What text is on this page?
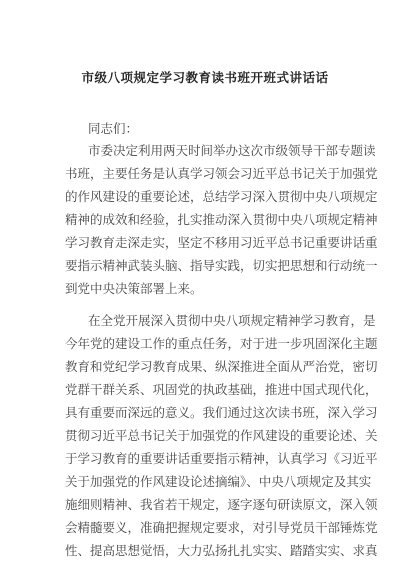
市级八项规定学习教育读书班开班式讲话话
同志们：
市委决定利用两天时间举办这次市级领导干部专题读
书班，主要任务是认真学习领会习近平总书记关于加强党
的作风建设的重要论述，总结学习深入贯彻中央八项规定
精神的成效和经验，扎实推动深入贯彻中央八项规定精神
学习教育走深走实，坚定不移用习近平总书记重要讲话重
要指示精神武装头脑、指导实践，切实把思想和行动统一
到党中央决策部署上来。
在全党开展深入贯彻中央八项规定精神学习教育，是
今年党的建设工作的重点任务，对于进一步巩固深化主题
教育和党纪学习教育成果、纵深推进全面从严治党，密切
党群干群关系、巩固党的执政基础，推进中国式现代化，
具有重要而深远的意义。我们通过这次读书班，深入学习
贯彻习近平总书记关于加强党的作风建设的重要论述、关
于学习教育的重要讲话重要指示精神，认真学习《习近平
关于加强党的作风建设论述摘编》、中央八项规定及其实
施细则精神、我省若干规定，逐字逐句研读原文，深入领
会精髓要义，准确把握规定要求，对引导党员干部锤炼党
性、提高思想觉悟，大力弘扬扎扎实实、踏踏实实、求真
